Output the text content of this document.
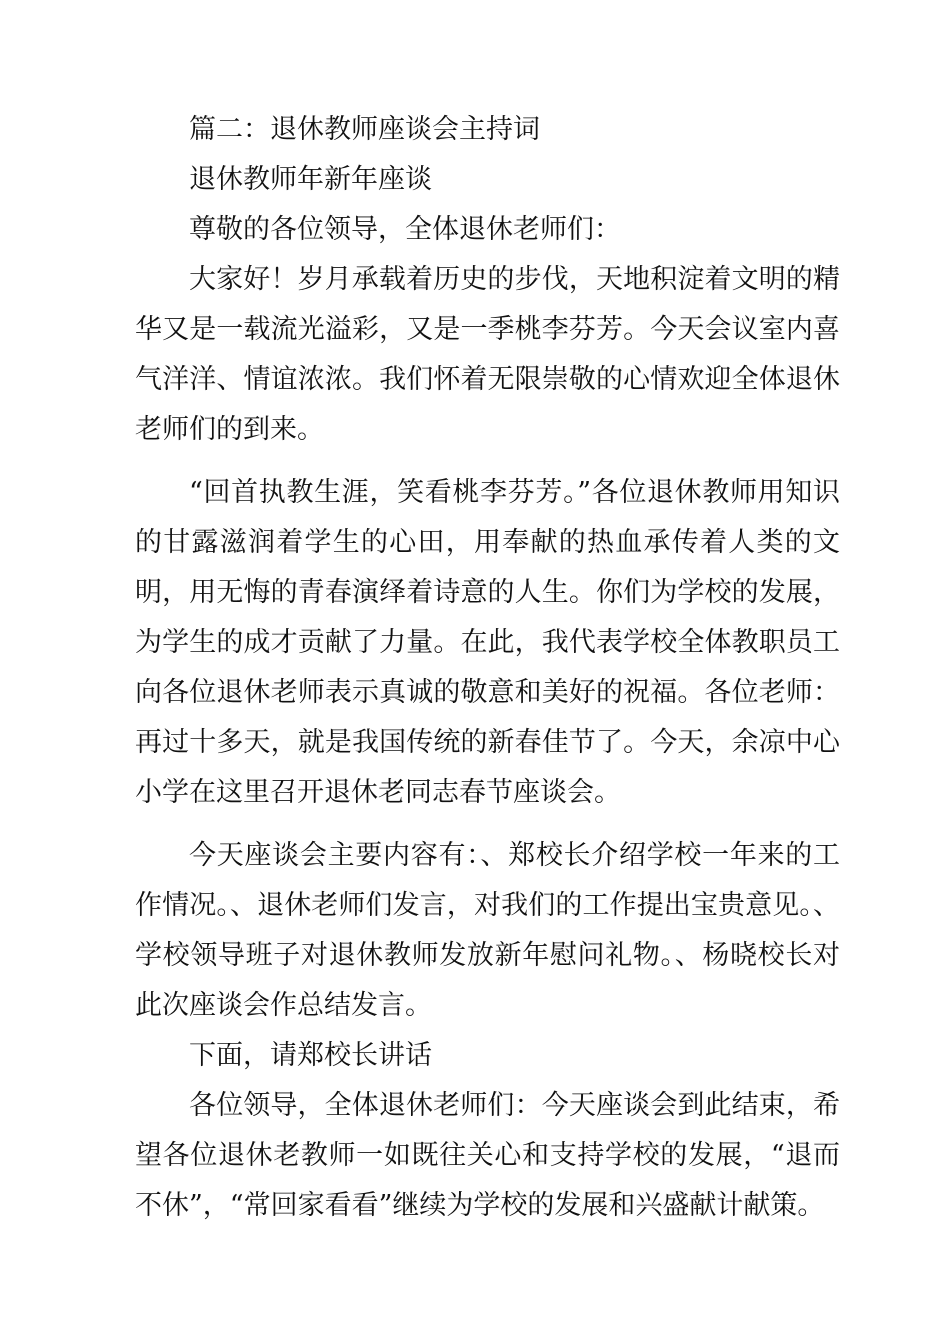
篇二：退休教师座谈会主持词
退休教师年新年座谈
尊敬的各位领导，全体退休老师们：

大家好！岁月承载着历史的步伐，天地积淀着文明的精华又是一载流光溢彩，又是一季桃李芬芳。今天会议室内喜气洋洋、情谊浓浓。我们怀着无限崇敬的心情欢迎全体退休老师们的到来。

“回首执教生涯，笑看桃李芬芳。”各位退休教师用知识的甘露滋润着学生的心田，用奉献的热血承传着人类的文明，用无悔的青春演绎着诗意的人生。你们为学校的发展，为学生的成才贡献了力量。在此，我代表学校全体教职员工向各位退休老师表示真诚的敬意和美好的祝福。各位老师：再过十多天，就是我国传统的新春佳节了。今天，余凉中心小学在这里召开退休老同志春节座谈会。

今天座谈会主要内容有：、郑校长介绍学校一年来的工作情况。、退休老师们发言，对我们的工作提出宝贵意见。、学校领导班子对退休教师发放新年慰问礼物。、杨晓校长对此次座谈会作总结发言。

下面，请郑校长讲话

各位领导，全体退休老师们：今天座谈会到此结束，希望各位退休老教师一如既往关心和支持学校的发展，“退而不休”，“常回家看看”继续为学校的发展和兴盛献计献策。
